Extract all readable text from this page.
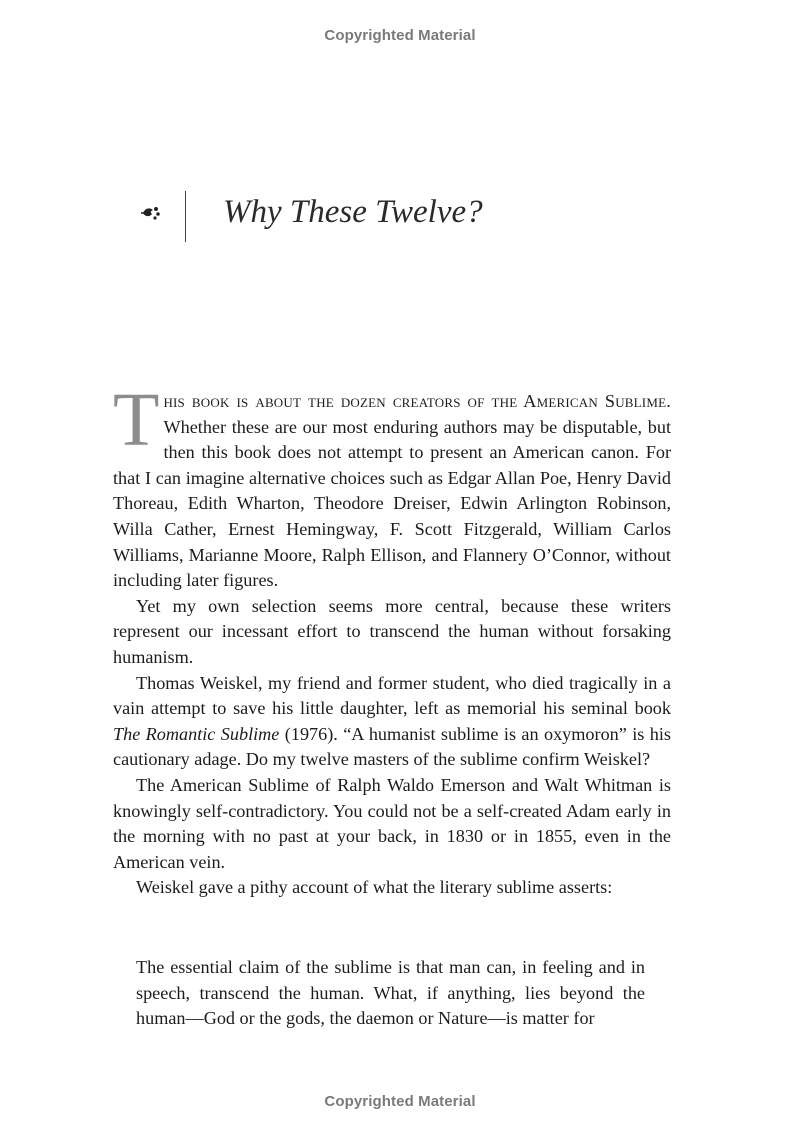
Copyrighted Material
Why These Twelve?

This book is about the dozen creators of the American Sublime. Whether these are our most enduring authors may be disputable, but then this book does not attempt to present an American canon. For that I can imagine alternative choices such as Edgar Allan Poe, Henry David Thoreau, Edith Wharton, Theodore Dreiser, Edwin Arlington Robinson, Willa Cather, Ernest Hemingway, F. Scott Fitzgerald, William Carlos Williams, Marianne Moore, Ralph Ellison, and Flannery O’Connor, without including later figures.

Yet my own selection seems more central, because these writers represent our incessant effort to transcend the human without forsaking humanism.

Thomas Weiskel, my friend and former student, who died tragically in a vain attempt to save his little daughter, left as memorial his seminal book The Romantic Sublime (1976). “A humanist sublime is an oxymoron” is his cautionary adage. Do my twelve masters of the sublime confirm Weiskel?

The American Sublime of Ralph Waldo Emerson and Walt Whitman is knowingly self-contradictory. You could not be a self-created Adam early in the morning with no past at your back, in 1830 or in 1855, even in the American vein.

Weiskel gave a pithy account of what the literary sublime asserts:

The essential claim of the sublime is that man can, in feeling and in speech, transcend the human. What, if anything, lies beyond the human—God or the gods, the daemon or Nature—is matter for

Copyrighted Material
